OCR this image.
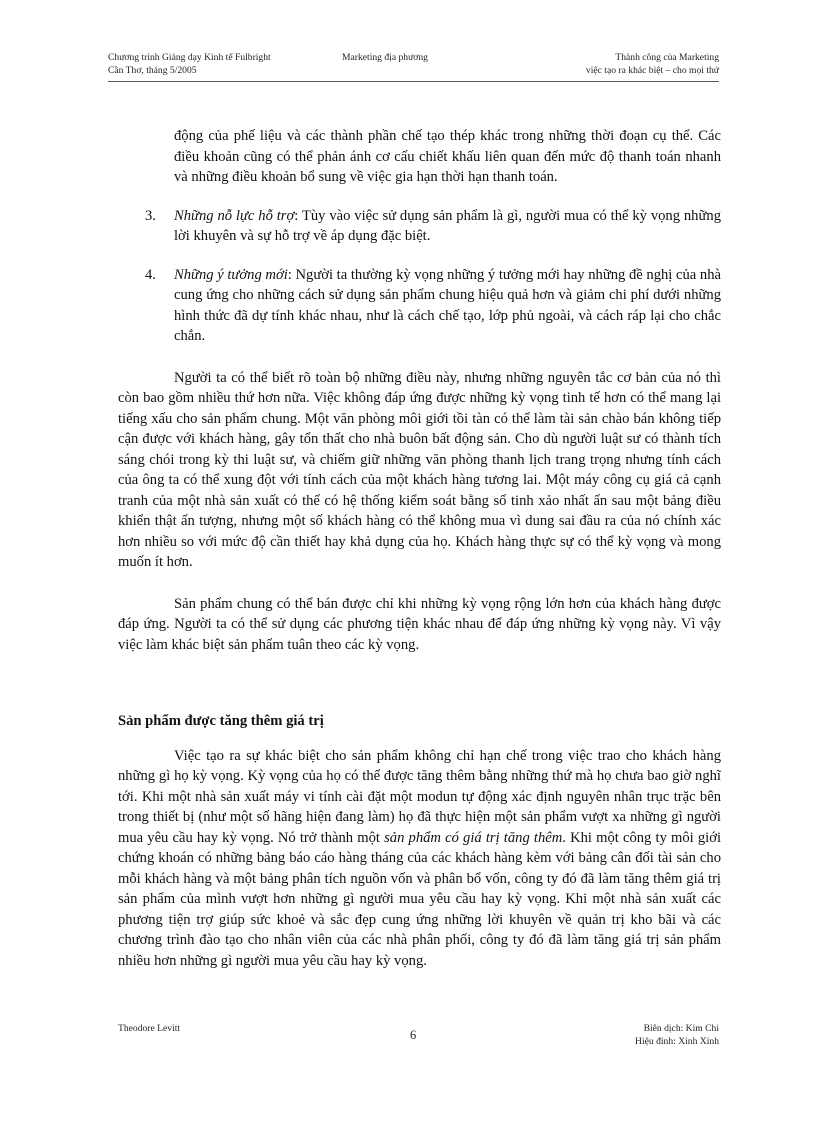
Chương trình Giảng dạy Kinh tế Fulbright
Cần Thơ, tháng 5/2005
Marketing địa phương	Thành công của Marketing
việc tạo ra khác biệt – cho mọi thứ

động của phế liệu và các thành phần chế tạo thép khác trong những thời đoạn cụ thể. Các điều khoản cũng có thể phản ánh cơ cấu chiết khấu liên quan đến mức độ thanh toán nhanh và những điều khoản bổ sung về việc gia hạn thời hạn thanh toán.

3.	Những nỗ lực hỗ trợ: Tùy vào việc sử dụng sản phẩm là gì, người mua có thể kỳ vọng những lời khuyên và sự hỗ trợ về áp dụng đặc biệt.
4.	Những ý tưởng mới: Người ta thường kỳ vọng những ý tưởng mới hay những đề nghị của nhà cung ứng cho những cách sử dụng sản phẩm chung hiệu quả hơn và giảm chi phí dưới những hình thức đã dự tính khác nhau, như là cách chế tạo, lớp phủ ngoài, và cách ráp lại cho chắc chắn.

Người ta có thể biết rõ toàn bộ những điều này, nhưng những nguyên tắc cơ bản của nó thì còn bao gồm nhiều thứ hơn nữa. Việc không đáp ứng được những kỳ vọng tinh tế hơn có thể mang lại tiếng xấu cho sản phẩm chung. Một văn phòng môi giới tồi tàn có thể làm tài sản chào bán không tiếp cận được với khách hàng, gây tổn thất cho nhà buôn bất động sản. Cho dù người luật sư có thành tích sáng chói trong kỳ thi luật sư, và chiếm giữ những văn phòng thanh lịch trang trọng nhưng tính cách của ông ta có thể xung đột với tính cách của một khách hàng tương lai. Một máy công cụ giá cả cạnh tranh của một nhà sản xuất có thể có hệ thống kiểm soát bằng số tinh xảo nhất ẩn sau một bảng điều khiển thật ấn tượng, nhưng một số khách hàng có thể không mua vì dung sai đầu ra của nó chính xác hơn nhiều so với mức độ cần thiết hay khả dụng của họ. Khách hàng thực sự có thể kỳ vọng và mong muốn ít hơn.

Sản phẩm chung có thể bán được chỉ khi những kỳ vọng rộng lớn hơn của khách hàng được đáp ứng. Người ta có thể sử dụng các phương tiện khác nhau để đáp ứng những kỳ vọng này. Vì vậy việc làm khác biệt sản phẩm tuân theo các kỳ vọng.

Sản phẩm được tăng thêm giá trị

Việc tạo ra sự khác biệt cho sản phẩm không chỉ hạn chế trong việc trao cho khách hàng những gì họ kỳ vọng. Kỳ vọng của họ có thể được tăng thêm bằng những thứ mà họ chưa bao giờ nghĩ tới. Khi một nhà sản xuất máy vi tính cài đặt một modun tự động xác định nguyên nhân trục trặc bên trong thiết bị (như một số hãng hiện đang làm) họ đã thực hiện một sản phẩm vượt xa những gì người mua yêu cầu hay kỳ vọng. Nó trở thành một sản phẩm có giá trị tăng thêm. Khi một công ty môi giới chứng khoán có những bảng báo cáo hàng tháng của các khách hàng kèm với bảng cân đối tài sản cho mỗi khách hàng và một bảng phân tích nguồn vốn và phân bổ vốn, công ty đó đã làm tăng thêm giá trị sản phẩm của mình vượt hơn những gì người mua yêu cầu hay kỳ vọng. Khi một nhà sản xuất các phương tiện trợ giúp sức khoẻ và sắc đẹp cung ứng những lời khuyên về quản trị kho bãi và các chương trình đào tạo cho nhân viên của các nhà phân phối, công ty đó đã làm tăng giá trị sản phẩm nhiều hơn những gì người mua yêu cầu hay kỳ vọng.

Theodore Levitt	6	Biên dịch: Kim Chi
Hiệu đính: Xinh Xinh
